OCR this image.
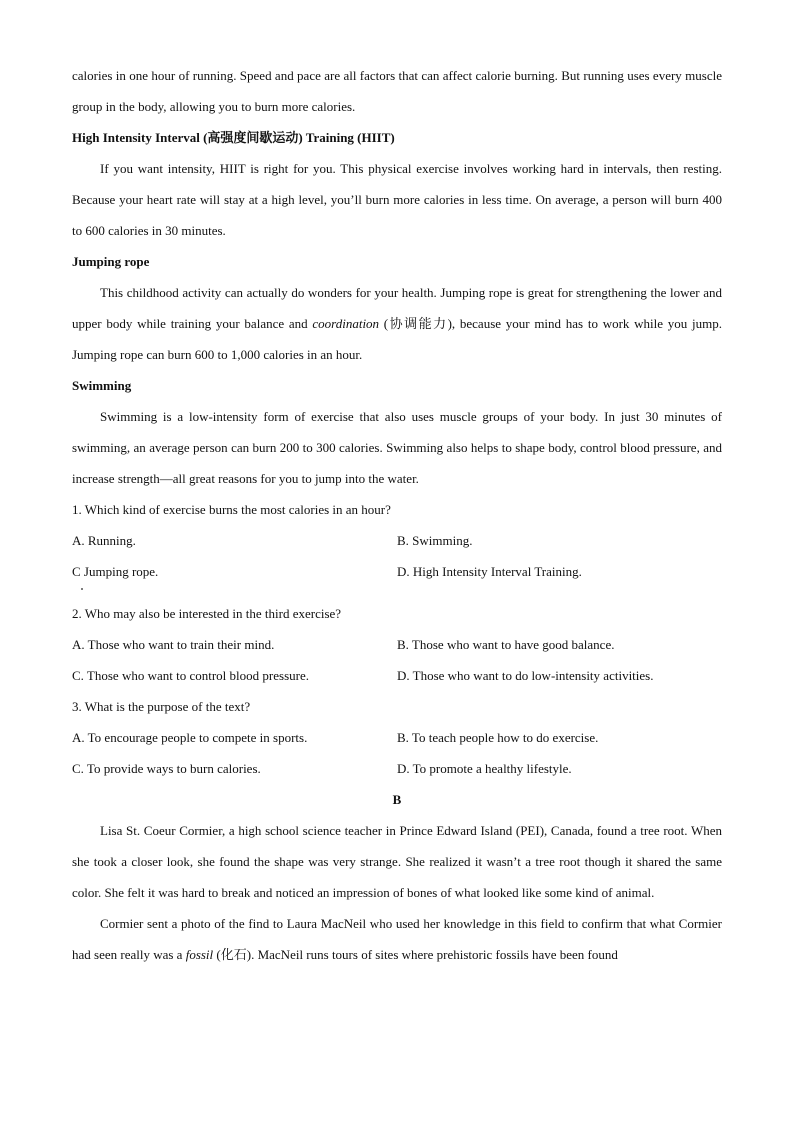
calories in one hour of running. Speed and pace are all factors that can affect calorie burning. But running uses every muscle group in the body, allowing you to burn more calories.

High Intensity Interval (高强度间歇运动) Training (HIIT)

If you want intensity, HIIT is right for you. This physical exercise involves working hard in intervals, then resting. Because your heart rate will stay at a high level, you’ll burn more calories in less time. On average, a person will burn 400 to 600 calories in 30 minutes.

Jumping rope

This childhood activity can actually do wonders for your health. Jumping rope is great for strengthening the lower and upper body while training your balance and coordination (协调能力), because your mind has to work while you jump. Jumping rope can burn 600 to 1,000 calories in an hour.

Swimming

Swimming is a low-intensity form of exercise that also uses muscle groups of your body. In just 30 minutes of swimming, an average person can burn 200 to 300 calories. Swimming also helps to shape body, control blood pressure, and increase strength—all great reasons for you to jump into the water.

1. Which kind of exercise burns the most calories in an hour?

A. Running.	B. Swimming.
C Jumping rope.	D. High Intensity Interval Training.

2. Who may also be interested in the third exercise?

A. Those who want to train their mind.	B. Those who want to have good balance.
C. Those who want to control blood pressure.	D. Those who want to do low-intensity activities.

3. What is the purpose of the text?

A. To encourage people to compete in sports.	B. To teach people how to do exercise.
C. To provide ways to burn calories.	D. To promote a healthy lifestyle.

B

Lisa St. Coeur Cormier, a high school science teacher in Prince Edward Island (PEI), Canada, found a tree root. When she took a closer look, she found the shape was very strange. She realized it wasn’t a tree root though it shared the same color. She felt it was hard to break and noticed an impression of bones of what looked like some kind of animal.

Cormier sent a photo of the find to Laura MacNeil who used her knowledge in this field to confirm that what Cormier had seen really was a fossil (化石). MacNeil runs tours of sites where prehistoric fossils have been found
